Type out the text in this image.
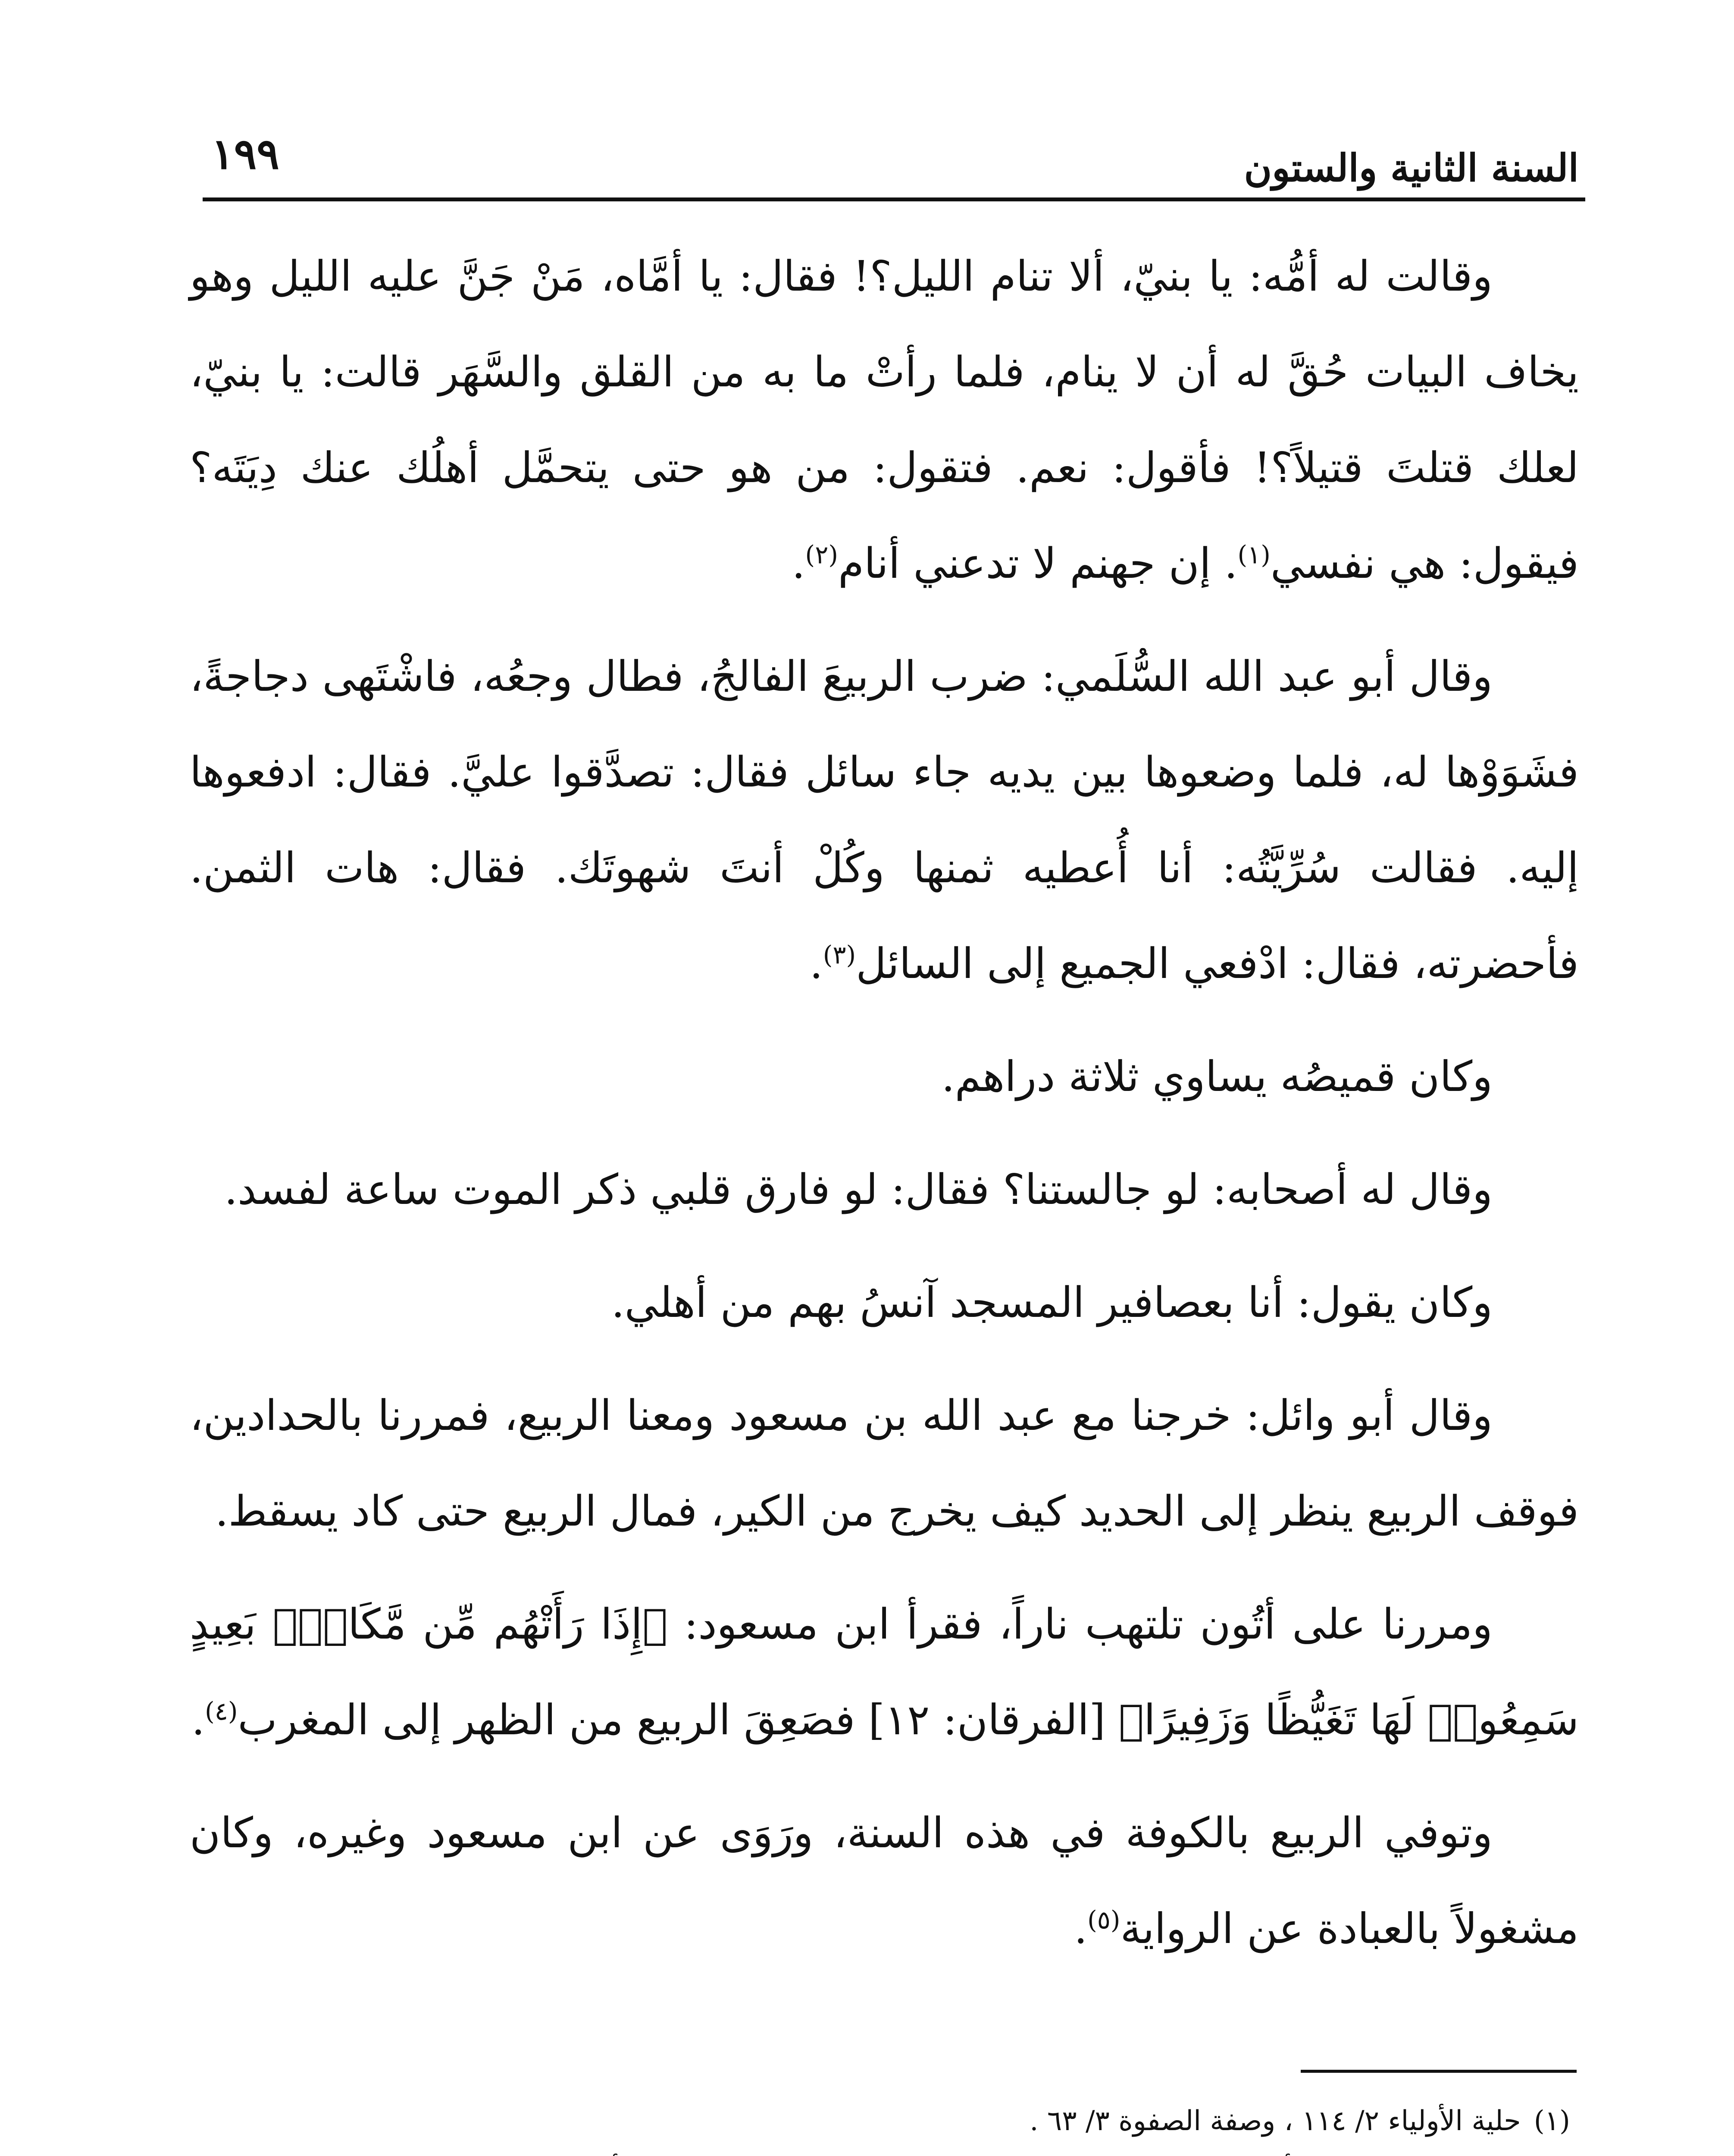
السنة الثانية والستون
١٩٩

وقالت له أمُّه: يا بنيّ، ألا تنام الليل؟! فقال: يا أمَّاه، مَنْ جَنَّ عليه الليل وهو يخاف البيات حُقَّ له أن لا ينام، فلما رأتْ ما به من القلق والسَّهَر قالت: يا بنيّ، لعلك قتلتَ قتيلاً؟! فأقول: نعم. فتقول: من هو حتى يتحمَّل أهلُك عنك دِيَتَه؟ فيقول: هي نفسي$^{(١)}$. إن جهنم لا تدعني أنام$^{(٢)}$.

وقال أبو عبد الله السُّلَمي: ضرب الربيعَ الفالجُ، فطال وجعُه، فاشْتَهى دجاجةً، فشَوَوْها له، فلما وضعوها بين يديه جاء سائل فقال: تصدَّقوا عليَّ. فقال: ادفعوها إليه. فقالت سُرِّيَّتُه: أنا أُعطيه ثمنها وكُلْ أنتَ شهوتَك. فقال: هات الثمن. فأحضرته، فقال: ادْفعي الجميع إلى السائل$^{(٣)}$.

وكان قميصُه يساوي ثلاثة دراهم.

وقال له أصحابه: لو جالستنا؟ فقال: لو فارق قلبي ذكر الموت ساعة لفسد.

وكان يقول: أنا بعصافير المسجد آنسُ بهم من أهلي.

وقال أبو وائل: خرجنا مع عبد الله بن مسعود ومعنا الربيع، فمررنا بالحدادين، فوقف الربيع ينظر إلى الحديد كيف يخرج من الكير، فمال الربيع حتى كاد يسقط.

ومررنا على أتُون تلتهب ناراً، فقرأ ابن مسعود: ﴿إِذَا رَأَتْهُم مِّن مَّكَانٍۢ بَعِيدٍ سَمِعُوا۟ لَهَا تَغَيُّظًا وَزَفِيرًا﴾ [الفرقان: ١٢] فصَعِقَ الربيع من الظهر إلى المغرب$^{(٤)}$.

وتوفي الربيع بالكوفة في هذه السنة، ورَوَى عن ابن مسعود وغيره، وكان مشغولاً بالعبادة عن الرواية$^{(٥)}$.

(١)
حلية الأولياء ٢/ ١١٤ ، وصفة الصفوة ٣/ ٦٣ .
